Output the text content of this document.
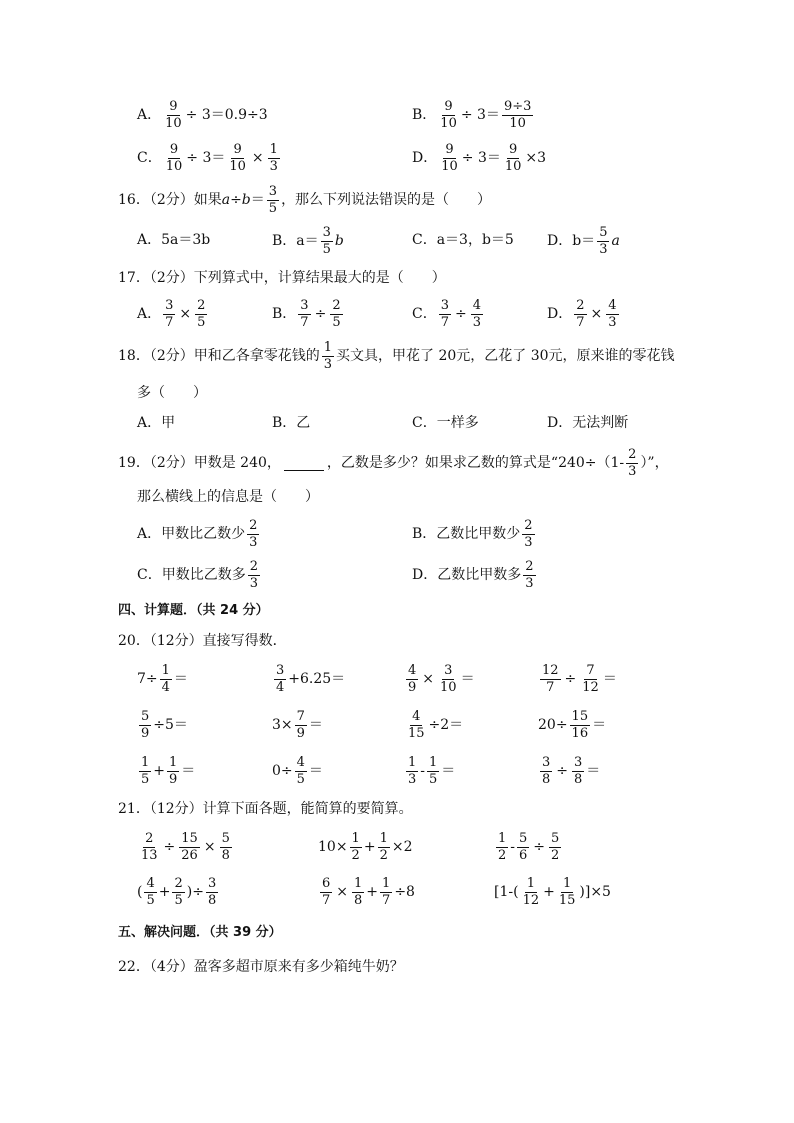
A． $\frac{9}{10} \div 3=0.9\div 3$	B． $\frac{9}{10} \div 3= \frac{9\div 3}{10}$
C． $\frac{9}{10} \div 3= \frac{9}{10} \times \frac{1}{3}$	D． $\frac{9}{10} \div 3= \frac{9}{10} \times 3$
16．（2分）如果 $a\div b = \frac{3}{5}$ ，那么下列说法错误的是（　　）
A．5a＝3b	B．$a= \frac{3}{5}$ b	C．a＝3，b＝5 D．$b= \frac{5}{3}$ a
17．（2分）下列算式中，计算结果最大的是（　　）
A． $\frac{3}{7} \times \frac{2}{5}$	B． $\frac{3}{7} \div \frac{2}{5}$	C． $\frac{3}{7} \div \frac{4}{3}$	D． $\frac{2}{7} \times \frac{4}{3}$
18．（2分）甲和乙各拿零花钱的 $\frac{1}{3}$ 买文具，甲花了 20元，乙花了 30元，原来谁的零花钱
多（　　）
A．甲	B．乙	C．一样多	D．无法判断
19．（2分）甲数是 240，	，乙数是多少？如果求乙数的算式是“$240\div(1- \frac{2}{3}$ ）”，
那么横线上的信息是（　　）
A．甲数比乙数少 $\frac{2}{3}$	B．乙数比甲数少 $\frac{2}{3}$
C．甲数比乙数多 $\frac{2}{3}$	D．乙数比甲数多 $\frac{2}{3}$
四、计算题．（共 24 分）
20．（12分）直接写得数．
$7\div \frac{1}{4}$ ＝	$\frac{3}{4} +6.25=$	$\frac{4}{9} \times \frac{3}{10}$ ＝	$\frac{12}{7} \div \frac{7}{12}$ ＝
$\frac{5}{9} \div 5=$	$3\times \frac{7}{9}$ ＝	$\frac{4}{15} \div 2=$	$20\div \frac{15}{16}$ ＝
$\frac{1}{5} + \frac{1}{9}$ ＝	$0\div \frac{4}{5}$ ＝	$\frac{1}{3} - \frac{1}{5}$ ＝	$\frac{3}{8} \div \frac{3}{8}$ ＝
21．（12分）计算下面各题，能简算的要简算。
$\frac{2}{13} \div \frac{15}{26} \times \frac{5}{8}$	$10\times \frac{1}{2} + \frac{1}{2} \times 2$	$\frac{1}{2} - \frac{5}{6} \div \frac{5}{2}$
( $\frac{4}{5} + \frac{2}{5}$ )÷ $\frac{3}{8}$	$\frac{6}{7} \times \frac{1}{8} + \frac{1}{7} \div 8$	$[1-( \frac{1}{12} + \frac{1}{15} )]\times 5$
五、解决问题．（共 39 分）
22．（4分）盈客多超市原来有多少箱纯牛奶？
